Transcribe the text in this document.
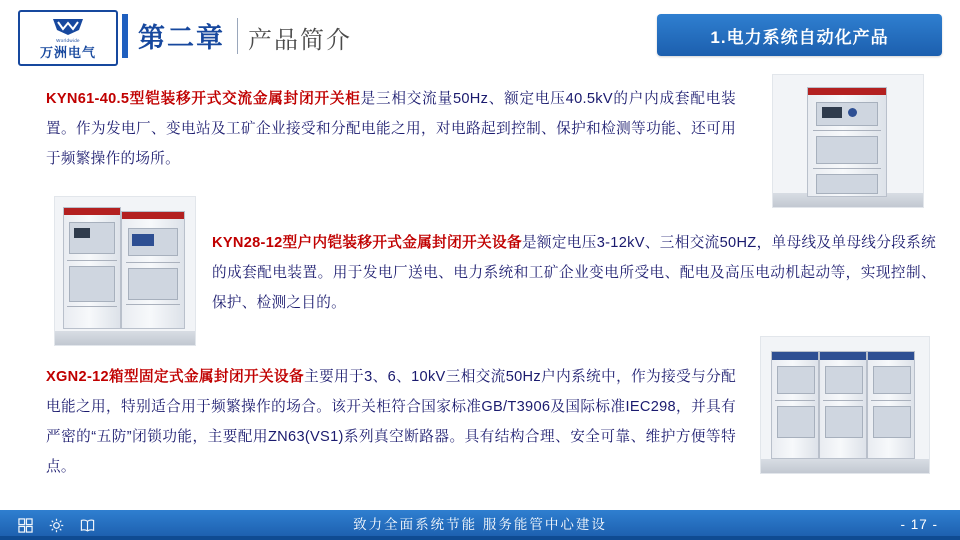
Worldwide
万洲电气 第二章 产品简介	1.电力系统自动化产品
KYN61-40.5型铠装移开式交流金属封闭开关柜是三相交流量50Hz、额定电压40.5kV的户内成套配电装置。作为发电厂、变电站及工矿企业接受和分配电能之用，对电路起到控制、保护和检测等功能、还可用于频繁操作的场所。
KYN28-12型户内铠装移开式金属封闭开关设备是额定电压3-12kV、三相交流50HZ，单母线及单母线分段系统的成套配电装置。用于发电厂送电、电力系统和工矿企业变电所受电、配电及高压电动机起动等，实现控制、保护、检测之目的。
XGN2-12箱型固定式金属封闭开关设备主要用于3、6、10kV三相交流50Hz户内系统中，作为接受与分配电能之用，特别适合用于频繁操作的场合。该开关柜符合国家标准GB/T3906及国际标准IEC298，并具有严密的“五防”闭锁功能，主要配用ZN63(VS1)系列真空断路器。具有结构合理、安全可靠、维护方便等特点。
致力全面系统节能 服务能管中心建设	- 17 -
